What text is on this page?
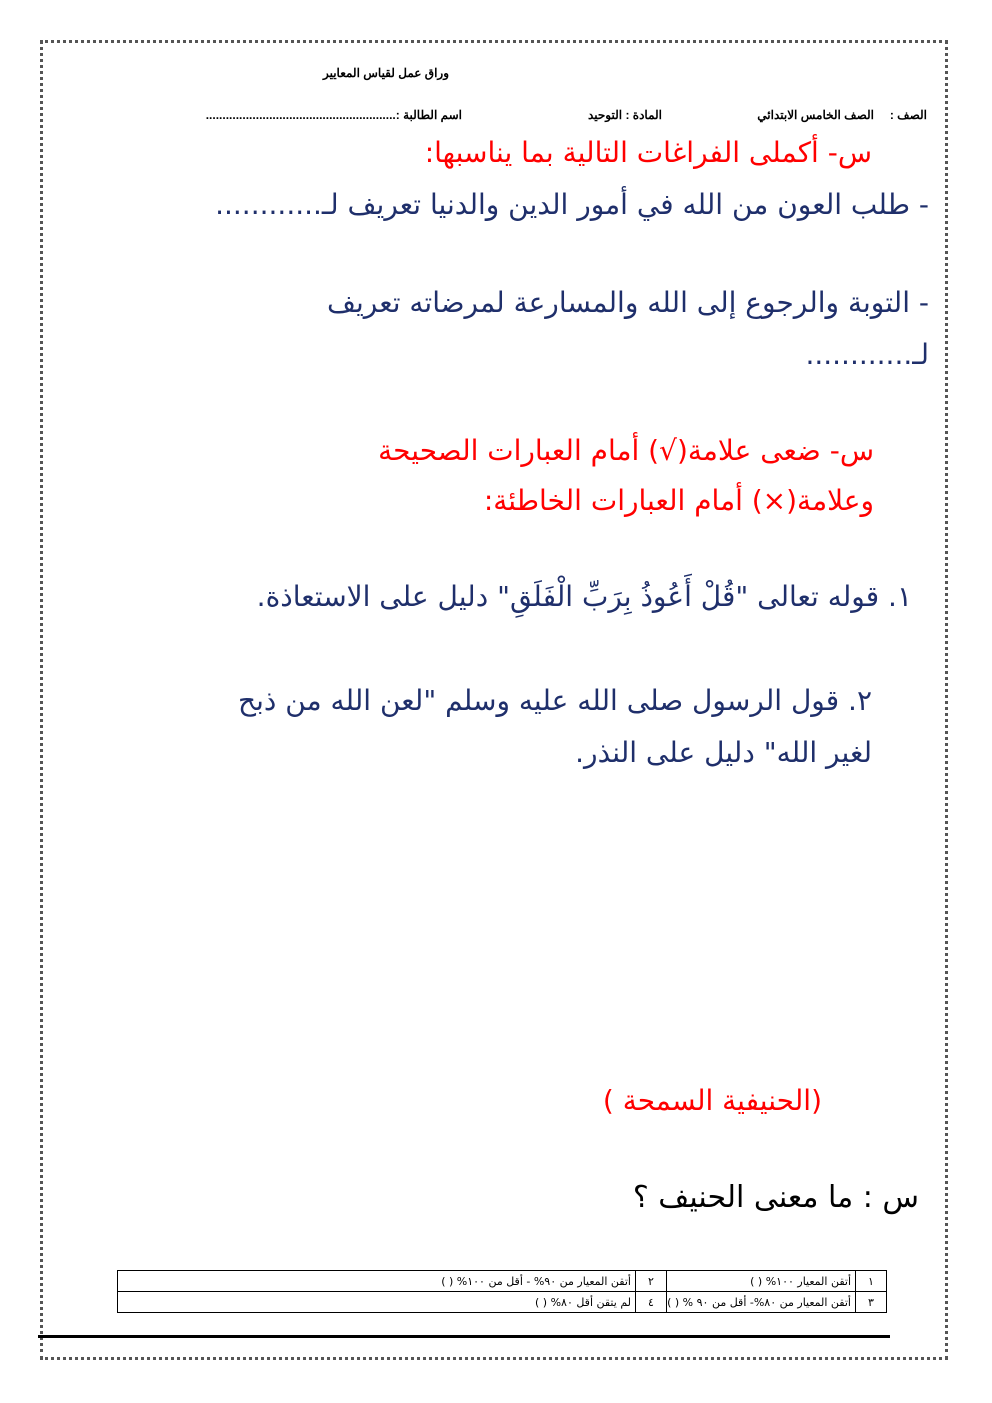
وراق عمل لقياس المعايير
الصف :
الصف الخامس الابتدائي
المادة : التوحيد
اسم الطالبة :.........................................................
س- أكملى الفراغات التالية بما يناسبها:
- طلب العون من الله في أمور الدين والدنيا تعريف لـ............
- التوبة والرجوع إلى الله والمسارعة لمرضاته تعريف
لـ............
س- ضعى علامة(√) أمام العبارات الصحيحة
وعلامة(×) أمام العبارات الخاطئة:
١. قوله تعالى "قُلْ أَعُوذُ بِرَبِّ الْفَلَقِ" دليل على الاستعاذة.
٢. قول الرسول صلى الله عليه وسلم "لعن الله من ذبح
لغير الله" دليل على النذر.
(الحنيفية السمحة )
س : ما معنى الحنيف ؟
١	أتقن المعيار ١٠٠% ( )	٢	أتقن المعيار من ٩٠% - أقل من ١٠٠% ( )
٣	أتقن المعيار من ٨٠%- أقل من ٩٠ % ( )	٤	لم يتقن أقل ٨٠% ( )
